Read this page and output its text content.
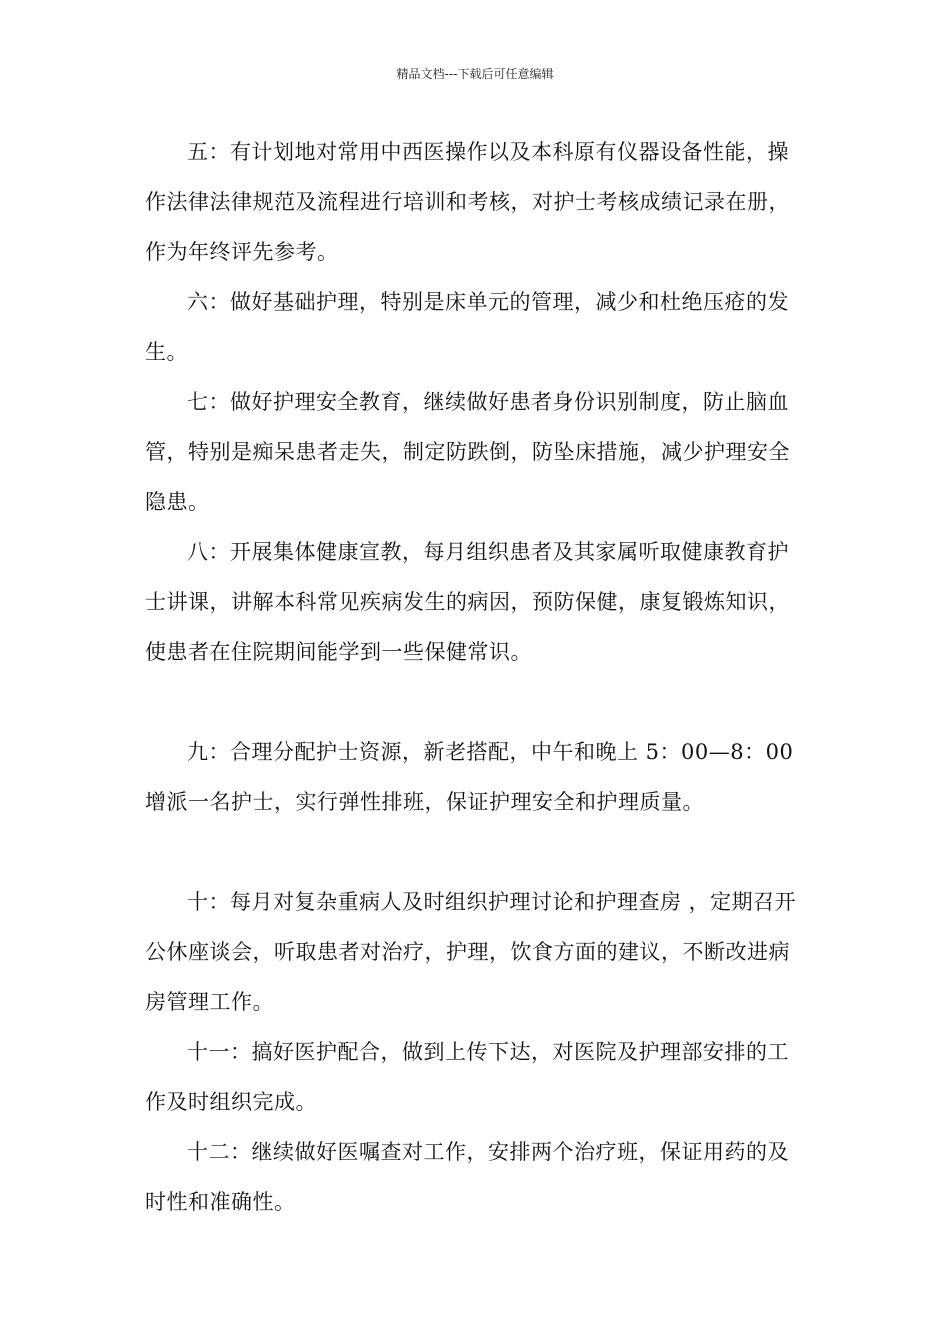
精品文档---下载后可任意编辑

五：有计划地对常用中西医操作以及本科原有仪器设备性能，操作法律法律规范及流程进行培训和考核，对护士考核成绩记录在册，作为年终评先参考。

六：做好基础护理，特别是床单元的管理，减少和杜绝压疮的发生。

七：做好护理安全教育，继续做好患者身份识别制度，防止脑血管，特别是痴呆患者走失，制定防跌倒，防坠床措施，减少护理安全隐患。

八：开展集体健康宣教，每月组织患者及其家属听取健康教育护士讲课，讲解本科常见疾病发生的病因，预防保健，康复锻炼知识，使患者在住院期间能学到一些保健常识。

九：合理分配护士资源，新老搭配，中午和晚上 5：00—8：00 增派一名护士，实行弹性排班，保证护理安全和护理质量。

十：每月对复杂重病人及时组织护理讨论和护理查房 ，定期召开公休座谈会，听取患者对治疗，护理，饮食方面的建议，不断改进病房管理工作。

十一：搞好医护配合，做到上传下达，对医院及护理部安排的工作及时组织完成。

十二：继续做好医嘱查对工作，安排两个治疗班，保证用药的及时性和准确性。
